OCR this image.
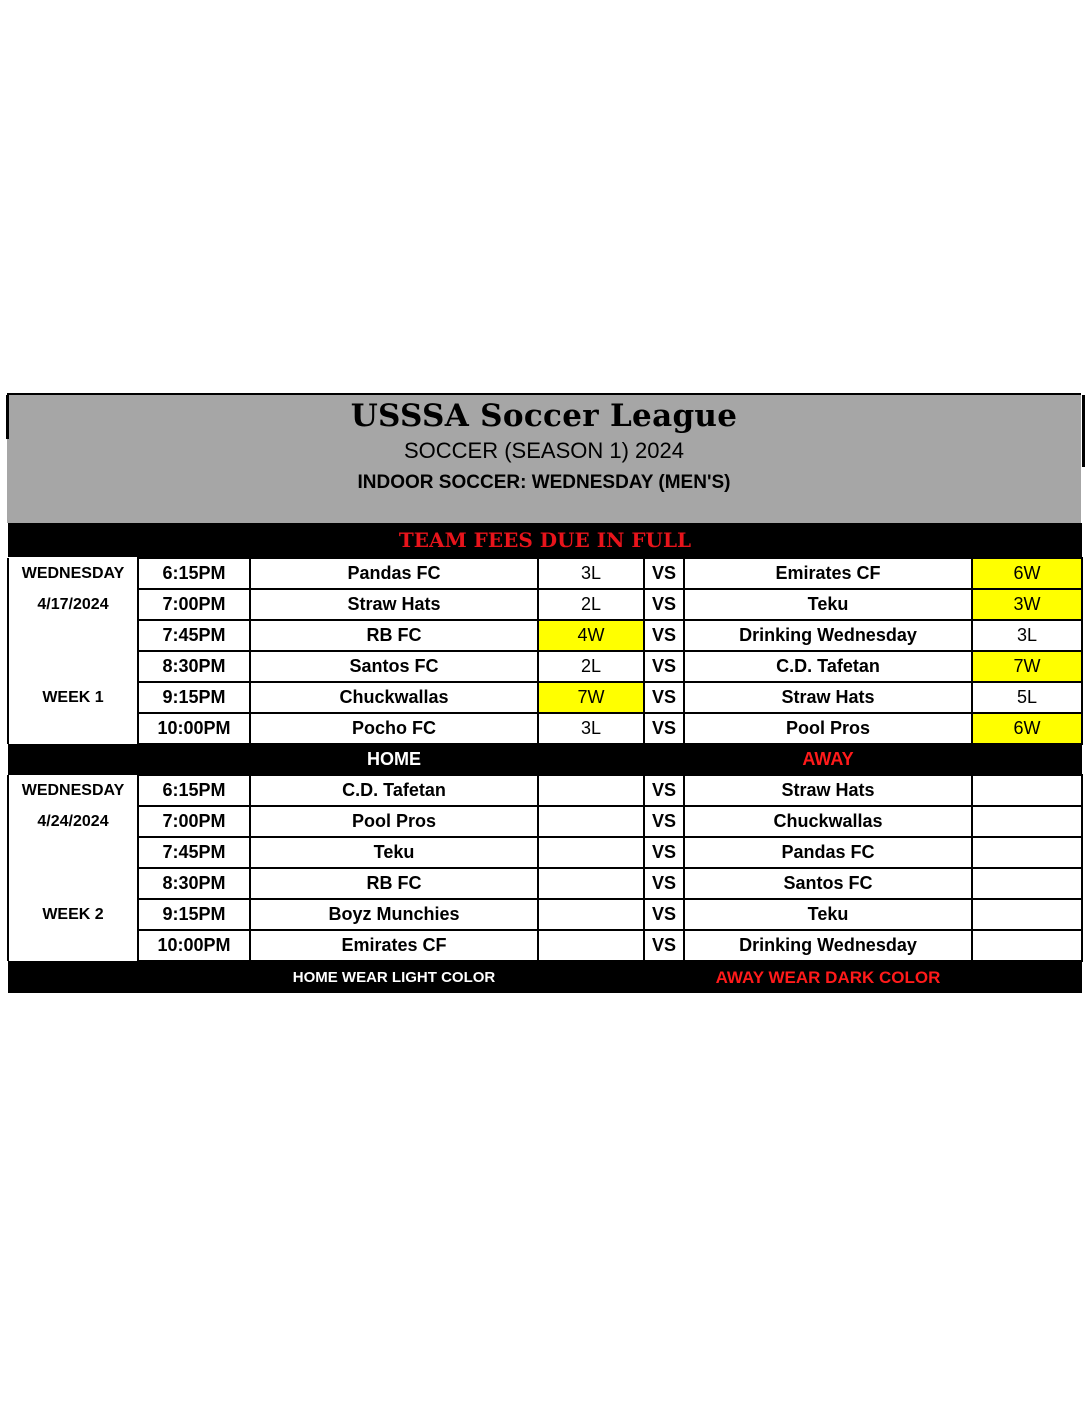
USSSA Soccer League
SOCCER (SEASON 1) 2024
INDOOR SOCCER: WEDNESDAY (MEN'S)
TEAM FEES DUE IN FULL						
WEDNESDAY	6:15PM	Pandas FC	3L	VS	Emirates CF	6W
4/17/2024	7:00PM	Straw Hats	2L	VS	Teku	3W
	7:45PM	RB FC	4W	VS	Drinking Wednesday	3L
	8:30PM	Santos FC	2L	VS	C.D. Tafetan	7W
WEEK 1	9:15PM	Chuckwallas	7W	VS	Straw Hats	5L
	10:00PM	Pocho FC	3L	VS	Pool Pros	6W
		HOME			AWAY	
WEDNESDAY	6:15PM	C.D. Tafetan		VS	Straw Hats	
4/24/2024	7:00PM	Pool Pros		VS	Chuckwallas	
	7:45PM	Teku		VS	Pandas FC	
	8:30PM	RB FC		VS	Santos FC	
WEEK 2	9:15PM	Boyz Munchies		VS	Teku	
	10:00PM	Emirates CF		VS	Drinking Wednesday	
		HOME WEAR LIGHT COLOR			AWAY WEAR DARK COLOR	
